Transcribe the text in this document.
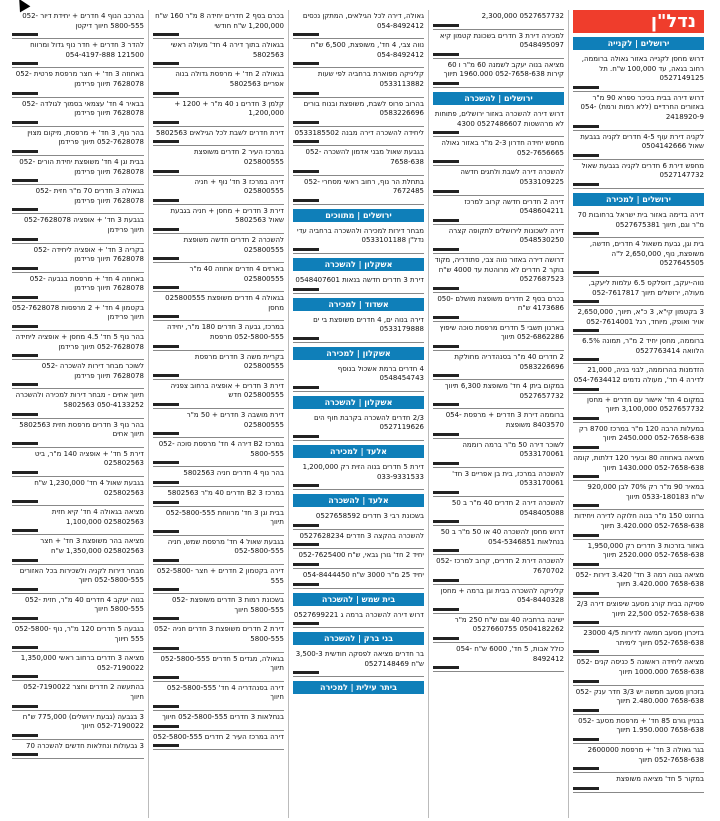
נדל"ן
ירושלים | לקנייה
דרוש מחסן לקנייה באזור גאולה ברוממה, רחוב בגאה, עד 100,000 ש"ח. תל 0527149125
דרוש דירה בבית בכיכר ספרא 90 מ"ר באזורים החרדיים (ללא רמות ורמת) 054-2418920-9
לקניה דירת עוף 4-5 חדרים לקניה בגבעת שאול 0504142666
מחפש דירת 6 חדרים לקניה בגבעת שאול 0527147732
ירושלים | למכירה
דירה בדימה באזור בית ישראל ברחובות 70 מ"ר וגם, תיווך 0527675381
בית וגן, גבעת משאול 4 חדרים, חדשה, משופצת, נוף, 2,650,000 ל"ה 0527645505
נווה-יעקב, דופלקס 6.5 עלמות ליעקב, מעולה, ירושלים תיווך 052-7617817
3 בקטמון קי"א, 3 כ"א, תיווך, 2,650,000 אויר ואופק, מיוחד, רגל 052-7614001
ברוממה, מחסן יחיד 2 מ"ר, תמונה 6.5% הלוואה 0527763414
הזדמנות בהרוממה, לבני בניה, 21,000 לדירה 4 חד', מעולה נדמים 054-7634412
במקום 4 חד' אישור עם חדרים + מחסן 0527657732 3,100,000 תיווך
במעלות הרבה 120 מ"ר במרכז 8700 רק 052-7658-638 2450.000 תיווך
מציאה באחוזה 80 ובעיר 120 דלתות, קומה 052-7658-638 1430.000 תיווך
במאיר 90 מ"ר רק 70% לבן 920,000 ש"ח 0533-180183 תיווך
ברוזנט 150 מ"ר בנוה חלוקה לדירה ויחידות 052-7658-638 3.420.000 תיווך
באזור בזרכות 3 חדרים רק 1,950,000 052-7658-638 2520.000 תיווך
מציאה בנוה רמה 3 חד' 3.420 דירות 052-7658-638 3.420.000 תיווך
פסיקה בבית קורג מסעב שיפוצים דירה 2/3 052-7658-638 22,500 תיווך
בזיכרון מסעב חמשה לדירות 4/5 23000 052-7658-638 תיווך לימיתר
מציאה ליחידה ראשונה 5 כניסה קנים 052-7658-638 1000.000 תיווך
בזכרון מסעב חמשה יש 3/3 חדר ענק 052-7658-638 2.480.000 תיווך
בבניין גורם 85 חד' + מרפסת מסעב 052-7658-638 1.950.000 תיווך
בגר גאולה 3 חד' + מרפסת 2600000 052-7658-638 תיווך
במקור 5 חד' מציאה משופצת
0527657732 2,300,000
למכירה דירת 3 חדרים בשכונת קטמון קיא 0548495097
מציאה בנוה יעקב לשמנה 60 מ"ר ו 60 קירות 052-7658-638 1960.000 תיווך
ירושלים | להשכרה
דרוש דירה להשכרה באזור ירושלים, פתוחות לא מרהשטות 0527486607 4300
מחפש יחידה חדרון 2-3 מ"ר באזור גאולה 052-7656665
להשכרה דירה לשבת ולחגים חדשה 0533109225
דירה 2 חדרים חדשה קרוב למרכז 0548604211
דירה לשכונות לירושלים לתקופה קצרה 0548530250
דרושה דירה באזור נווה צבי, סתודריה, מקוד בוקר 2 חדרים לא מרוהטת עד 4000 ש"ח 0527687523
בכרם בסף 2 חדרים משופצת מושלם 050-4173686 ש"ח
בארנון תשבי 5 חדרים מרפסת סוכה שיפוץ 052-6862286 תיווך
2 חדרים 40 מ"ר בסנהדריה מחולקת 0583226696
במקום ביתן 4 חד' משופצת 6,300 תיווך 0527657732
ברוממה דירת 3 חדרים + מרפסת 054-8403570 משופצת
לשוכר דירה 50 מ"ר ברמה רוממה 0533170061
להשכרה במרכז, בית בן אפריים 3 חד' 0533170061
להשכרה דירה 2 חדרים 40 מ"ר ב 50 0548405088
דרוש מחסן להשכרה 40 או 50 מ"ר ב 50 בנחלאות 054-5346851
להשכרה דירת 2 חדרים, קרוב למרכז 052-7670702
קליניקה להשכרה בבית וגן ברמה + מחסן 054-8440328
ישיבה ברחביה 40 וגם ש"ח 250 מ"ר 0504182262 0527660755
כולל אבות, 5 חד', 6000 ש"ח 054-8492412
גאולה, דירה לכל הגילאים, המתקן נכסים 054-8492412
נווה צבי, 4 חד', משופצת, 6,500 ש"ח 054-8492412
קליניקה מפוארת ברחביה לפי שעות 0533113882
בהרוב פרוס לשבת, משופצת ובנוח בורים 0583226696
ליחידה להשכרה דירה מבנה 0533185502
בגבעת שאול מבני אדמון להשכרה 052-7658-638
בתחלת הר נוף, רחוב ראשי מסחרי 052-7672485
ירושלים | מתווכים
מבחר דירות למכירה ולהשכרה ברחביה עדי נדל"ן 0533101188
אשקלון | להשכרה
דירת 3 חדרים חדשה בנאות 0548407601
אשדוד | למכירה
דירה בנוה ים, 4 חדרים משופצת בי ים 0533179888
אשקלון | למכירה
4 חדרים ברמת אשכול בנוסף 0548454743
אשקלון | להשכרה
2/3 חדרים להשכרה בקרבת חוף הים 0527119626
אלעד | למכירה
דירת 5 חדרים בנוה הזית רק 1,200,000 033-9331533
אלעד | להשכרה
בשכונת רבי 3 חדרים 0527658592
להשכרה בהקצה 3 חדרים 0527628234
יחיד 2 חד' גורן גבאי, ש"ח 052-7625400
יחיד 25 מ"ר 3000 ש"ח 054-8444450
בית שמש | להשכרה
דרוש דירה להשכרה ברמה ג 0527699221
בני ברק | להשכרה
בר חדרים מציאה לפסקה חודשית 3,500-3 ש"ח 0527148469
ביתר עילית | למכירה
בכרם בסף 2 חדרים יחידה 8 מ"ר 160 ש"ח 1,200,000 ש"ח חודשי
בגאולה בתוך דירה 4 חד' מעולה ראשי 5802563
בגאולה 2 חד' + מרפסת גדולה בנוה אפריים 5802563
קלמן 3 חדרים נ 40 מ"ר + 1200 + 1,200,000
דירת חדרים לשבת לכל הגילאים 5802563
במרכז העיר 2 חדרים משופצת 025800555
דירה במרכז 3 חד' נוף + חניה 025800555
דירת 3 חדרים + מחסן + חניה בגבעת שאול 5802563
להשכרה 2 חדרים חדשה משופצת 025800555
בארזים 4 חדרים אחוזה 40 מ"ר 025800555
בגאולה 4 חדרים משופצת 025800555 מחסן
במרכז, גבעה 3 חדרים 180 מ"ר, יחידה 052-5800-555 מרפסת
בקריית משה 3 חדרים מרפסת 025800555
דירת 3 חדרים + אופציה ברחוב צפניה 025800555 חדש
דירת מושבה 3 חדרים + 50 מ"ר 025800555
במרכז B2 דירה 4 חד' מרפסת סוכה 052-5800-555
בהר נוף 4 חדרים חניה 5802563
במרכז B2 3 חדרים 40 מ"ר 5802563
בבית וגן 3 חד' מרווחת 052-5800-555 תיווך
בגבעת שאול 4 חד' מרפסת שמש, חניה 052-5800-555
דירה בקטמון 2 חדרים + חצר 052-5800-555
בשכונת רמות 3 חדרים משופצת 052-5800-555 חיווך
דירת 2 חדרים משופצת 3 חדרים חניה 052-5800-555
בגאולה, מגדים 5 חדרים 052-5800-555 תיווך
דירה בסנהדריה 4 חד' 052-5800-555 חיווך
בנחלאות 3 חדרים 052-5800-555 חיווך
דירה במרכז העיר 2 חדרים 052-5800-555
בהרכב הנוף 4 חדרים + יחידת דיור 052-5800-555 חיווך דיקטן
להדר 3 חדרים + חדר נוף גדול ומרווח 121500 054-4197-888
באחוזה 3 חד' + חצר מרפסת פרטית 052-7628078 תיווך פרידמן
בבאיר 4 חד' עצמאי בסמוך לגולדה 052-7628078 תיווך פרידמן
בהר נוף, 3 חד' + מרפסת, מיקום מצוין 052-7628078 תיווך פרידמן
בבית וגן 4 חד' משופצת יחידת הורים 052-7628078 תיווך פרידמן
בגאולה 3 חדרים 70 מ"ר חזית 052-7628078 תיווך פרידמן
בגבעת 3 חד' + אופציה 052-7628078 תיווך פרידמן
בקריה 3 חד' + אופציה ליחידה 052-7628078 תיווך פרידמן
באחוזה 4 חד' + מרפסת בגבעה 052-7628078 תיווך פרידמן
בקטמון 4 חד' + 2 מרפסות 052-7628078 תיווך פרידמן
בהר נוף 5 חד' 4.5 מחסן + אופציה ליחידה 052-7628078 תיווך פרידמן
לשוכר מבחר דירות להשכרה 052-7628078 תיווך פרידמן
תיווך אחים - מבחר דירות למכירה ולהשכרה 050-4133252 5802563
בהר נוף 3 חדרים מרפסת חזית 5802563 תיווך אחים
דירת 5 חד' + אופציה 140 מ"ר, ביט 025802563
בגבעת שאול 4 חד' 1,230,000 ש"ח 025802563
מציאה בגאולה 4 חד' קיא חזית 025802563 1,100,000
מציאה בהר משופצת 3 חד' + חצר 025802563 1,350,000 ש"ח
מבחר דירות לקניה ולשכירות בכל האזורים 052-5800-555 חיווך
בנוה יעקב 4 חדרים 40 מ"ר, חזית 052-5800-555 חיווך
בגבעה 5 חדרים 120 מ"ר, נוף 052-5800-555 חיווך
מציאה 3 חדרים ברחוב ראשי 1,350,000 052-7190022
בהתעשה 2 חדרים וחצר 052-7190022 חיווך
3 בגבעה (גבעת ירושלים) 775,000 ש"ח 052-7190022 חיווך
3 גבעולות ונחלאות חדשים להשכרה 70
